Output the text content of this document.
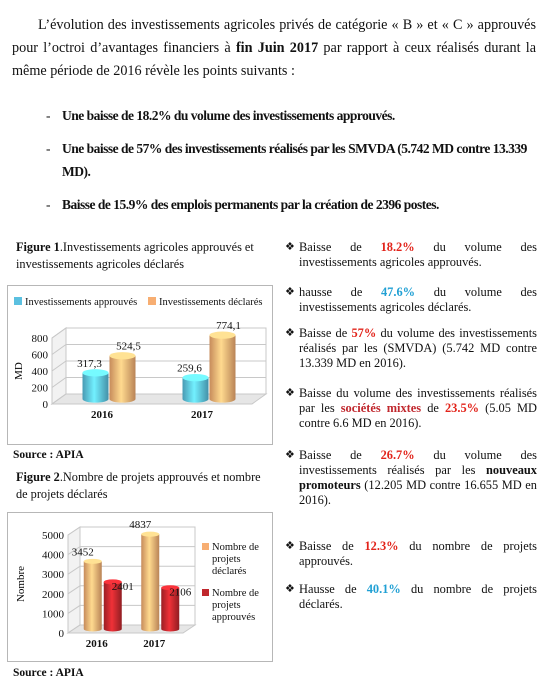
L’évolution des investissements agricoles privés de catégorie « B » et « C » approuvés pour l’octroi d’avantages financiers à fin Juin 2017 par rapport à ceux réalisés durant la même période de 2016 révèle les points suivants :
- Une baisse de 18.2% du volume des investissements approuvés.
- Une baisse de 57% des investissements réalisés par les SMVDA (5.742 MD contre 13.339 MD).
- Baisse de 15.9% des emplois permanents par la création de 2396 postes.
Figure 1.Investissements agricoles approuvés et investissements agricoles déclarés
Investissements approuvés Investissements déclarés
0
200
400
600
800
MD	317,3
524,5
2016
259,6
774,1
2017
Source : APIA
Figure 2.Nombre de projets approuvés et nombre de projets déclarés
0
1000
2000
3000
4000
5000
Nombre
3452
2401
2016
4837
2106
2017
Nombre de projets déclarés
Nombre de projets approuvés
Source : APIA
❖ Baisse de 18.2% du volume des investissements agricoles approuvés.
❖ hausse de 47.6% du volume des investissements agricoles déclarés.
❖ Baisse de 57% du volume des investissements réalisés par les (SMVDA) (5.742 MD contre 13.339 MD en 2016).
❖ Baisse du volume des investissements réalisés par les sociétés mixtes de 23.5% (5.05 MD contre 6.6 MD en 2016).
❖ Baisse de 26.7% du volume des investissements réalisés par les nouveaux promoteurs (12.205 MD contre 16.655 MD en 2016).
❖ Baisse de 12.3% du nombre de projets approuvés.
❖ Hausse de 40.1% du nombre de projets déclarés.
